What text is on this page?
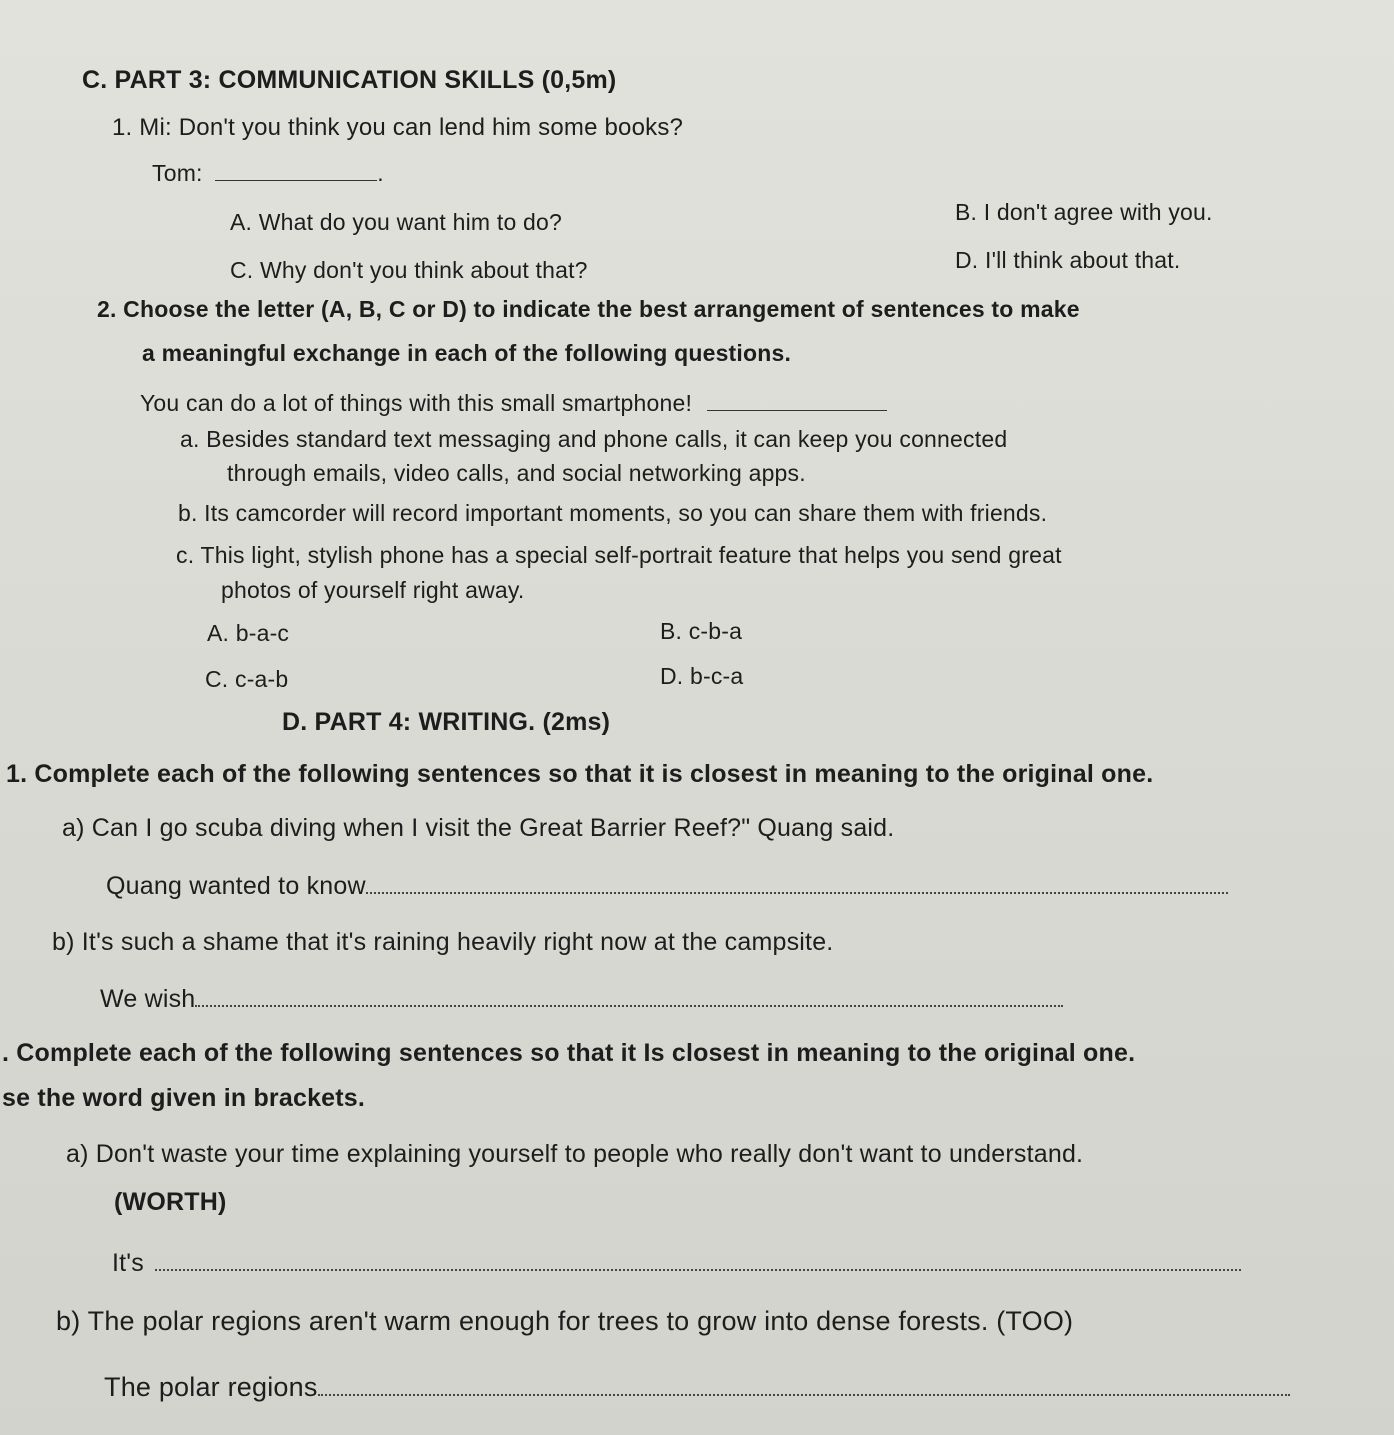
C. PART 3: COMMUNICATION SKILLS (0,5m)
1. Mi: Don't you think you can lend him some books?
Tom:	.
A. What do you want him to do?	B. I don't agree with you.
C. Why don't you think about that?	D. I'll think about that.
2. Choose the letter (A, B, C or D) to indicate the best arrangement of sentences to make
a meaningful exchange in each of the following questions.
You can do a lot of things with this small smartphone!
a. Besides standard text messaging and phone calls, it can keep you connected
through emails, video calls, and social networking apps.
b. Its camcorder will record important moments, so you can share them with friends.
c. This light, stylish phone has a special self-portrait feature that helps you send great
photos of yourself right away.
A. b-a-c	B. c-b-a
C. c-a-b	D. b-c-a
D. PART 4: WRITING. (2ms)
1. Complete each of the following sentences so that it is closest in meaning to the original one.
a) Can I go scuba diving when I visit the Great Barrier Reef?" Quang said.
Quang wanted to know
b) It's such a shame that it's raining heavily right now at the campsite.
We wish
. Complete each of the following sentences so that it Is closest in meaning to the original one.
se the word given in brackets.
a) Don't waste your time explaining yourself to people who really don't want to understand.
(WORTH)
It's
b) The polar regions aren't warm enough for trees to grow into dense forests. (TOO)
The polar regions
